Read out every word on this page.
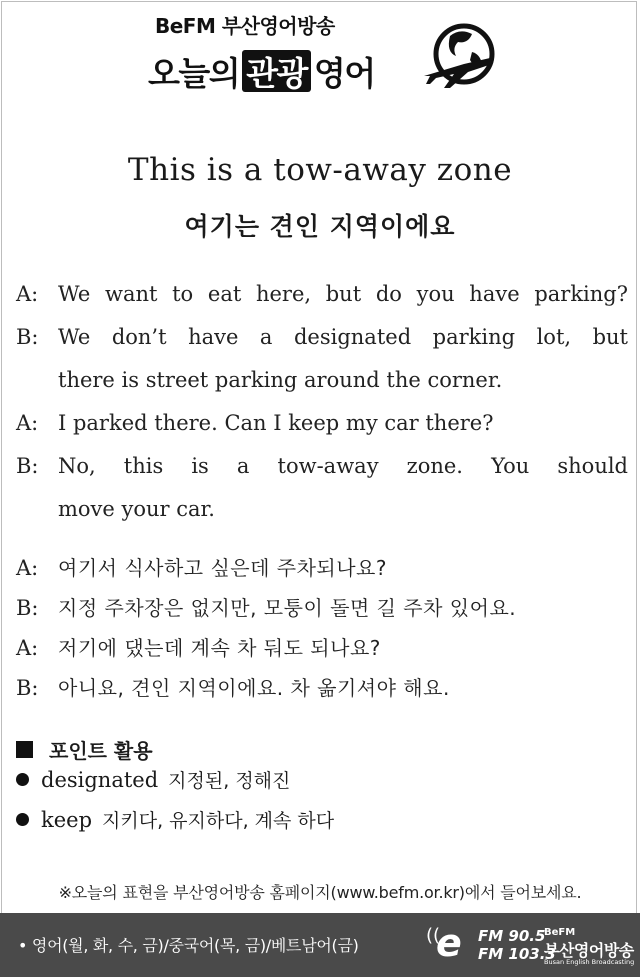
BeFM 부산영어방송
오늘의 관광 영어
This is a tow-away zone
여기는 견인 지역이에요
A: We want to eat here, but do you have parking?
B: We don’t have a designated parking lot, but
there is street parking around the corner.
A: I parked there. Can I keep my car there?
B: No, this is a tow-away zone. You should
move your car.
A: 여기서 식사하고 싶은데 주차되나요?
B: 지정 주차장은 없지만, 모퉁이 돌면 길 주차 있어요.
A: 저기에 댔는데 계속 차 둬도 되나요?
B: 아니요, 견인 지역이에요. 차 옮기셔야 해요.
포인트 활용
designated 지정된, 정해진
keep 지키다, 유지하다, 계속 하다
※오늘의 표현을 부산영어방송 홈페이지(www.befm.or.kr)에서 들어보세요.
• 영어(월, 화, 수, 금)/중국어(목, 금)/베트남어(금)	((
e FM 90.5
FM 103.3
BeFM
부산영어방송
Busan English Broadcasting
